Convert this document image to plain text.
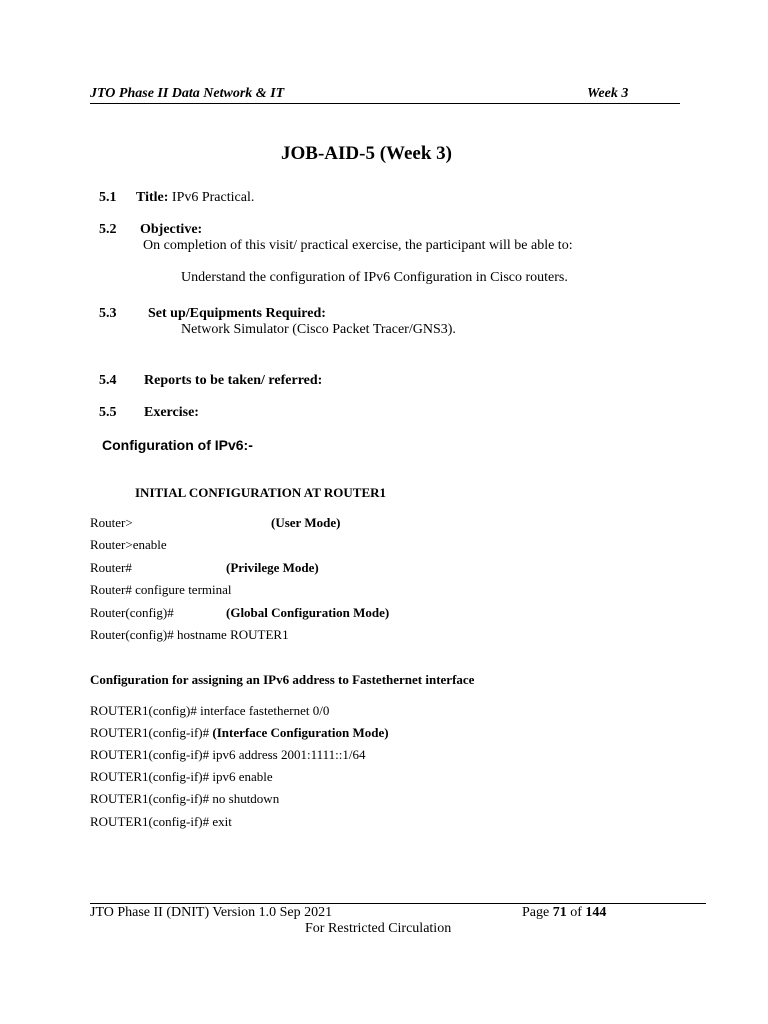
JTO Phase II Data Network & IT	Week 3
JOB-AID-5 (Week 3)
5.1 Title: IPv6 Practical.
5.2 Objective:
On completion of this visit/ practical exercise, the participant will be able to:
Understand the configuration of IPv6 Configuration in Cisco routers.
5.3 Set up/Equipments Required:
Network Simulator (Cisco Packet Tracer/GNS3).
5.4 Reports to be taken/ referred:
5.5 Exercise:
Configuration of IPv6:-
INITIAL CONFIGURATION AT ROUTER1
Router>	(User Mode)
Router>enable
Router#	(Privilege Mode)
Router# configure terminal
Router(config)#	(Global Configuration Mode)
Router(config)# hostname ROUTER1
Configuration for assigning an IPv6 address to Fastethernet interface
ROUTER1(config)# interface fastethernet 0/0
ROUTER1(config-if)# (Interface Configuration Mode)
ROUTER1(config-if)# ipv6 address 2001:1111::1/64
ROUTER1(config-if)# ipv6 enable
ROUTER1(config-if)# no shutdown
ROUTER1(config-if)# exit
JTO Phase II (DNIT) Version 1.0 Sep 2021	Page 71 of 144
For Restricted Circulation
